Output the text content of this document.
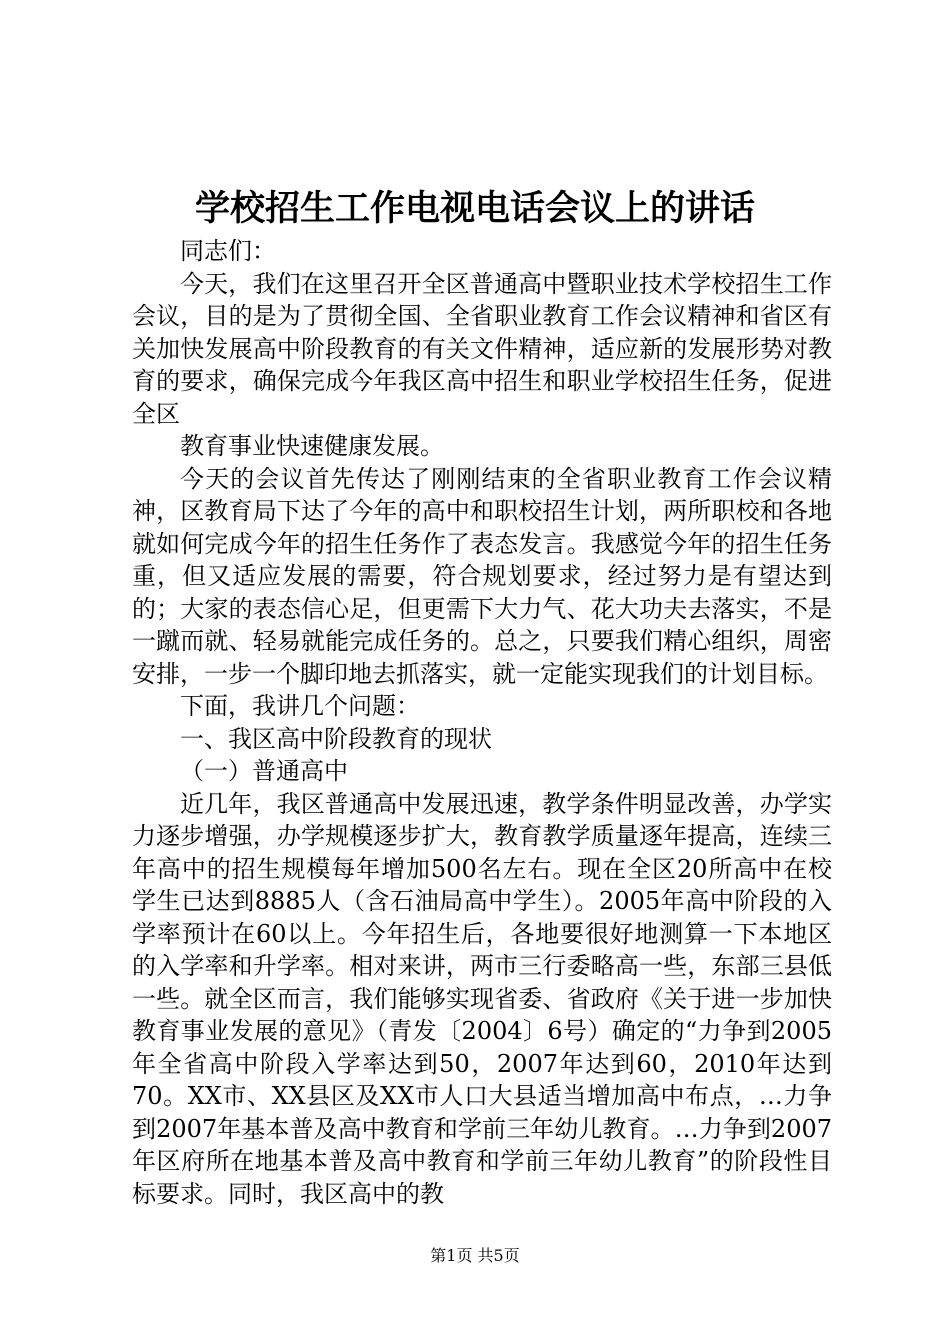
学校招生工作电视电话会议上的讲话

同志们：

今天，我们在这里召开全区普通高中暨职业技术学校招生工作会议，目的是为了贯彻全国、全省职业教育工作会议精神和省区有关加快发展高中阶段教育的有关文件精神，适应新的发展形势对教育的要求，确保完成今年我区高中招生和职业学校招生任务，促进全区

教育事业快速健康发展。

今天的会议首先传达了刚刚结束的全省职业教育工作会议精神，区教育局下达了今年的高中和职校招生计划，两所职校和各地就如何完成今年的招生任务作了表态发言。我感觉今年的招生任务重，但又适应发展的需要，符合规划要求，经过努力是有望达到的；大家的表态信心足，但更需下大力气、花大功夫去落实，不是一蹴而就、轻易就能完成任务的。总之，只要我们精心组织，周密安排，一步一个脚印地去抓落实，就一定能实现我们的计划目标。

下面，我讲几个问题：

一、我区高中阶段教育的现状

（一）普通高中

近几年，我区普通高中发展迅速，教学条件明显改善，办学实力逐步增强，办学规模逐步扩大，教育教学质量逐年提高，连续三年高中的招生规模每年增加500名左右。现在全区20所高中在校学生已达到8885人（含石油局高中学生）。2005年高中阶段的入学率预计在60以上。今年招生后，各地要很好地测算一下本地区的入学率和升学率。相对来讲，两市三行委略高一些，东部三县低一些。就全区而言，我们能够实现省委、省政府《关于进一步加快教育事业发展的意见》（青发〔2004〕6号）确定的“力争到2005年全省高中阶段入学率达到50，2007年达到60，2010年达到70。XX市、XX县区及XX市人口大县适当增加高中布点，…力争到2007年基本普及高中教育和学前三年幼儿教育。…力争到2007年区府所在地基本普及高中教育和学前三年幼儿教育”的阶段性目标要求。同时，我区高中的教

第1页 共5页
